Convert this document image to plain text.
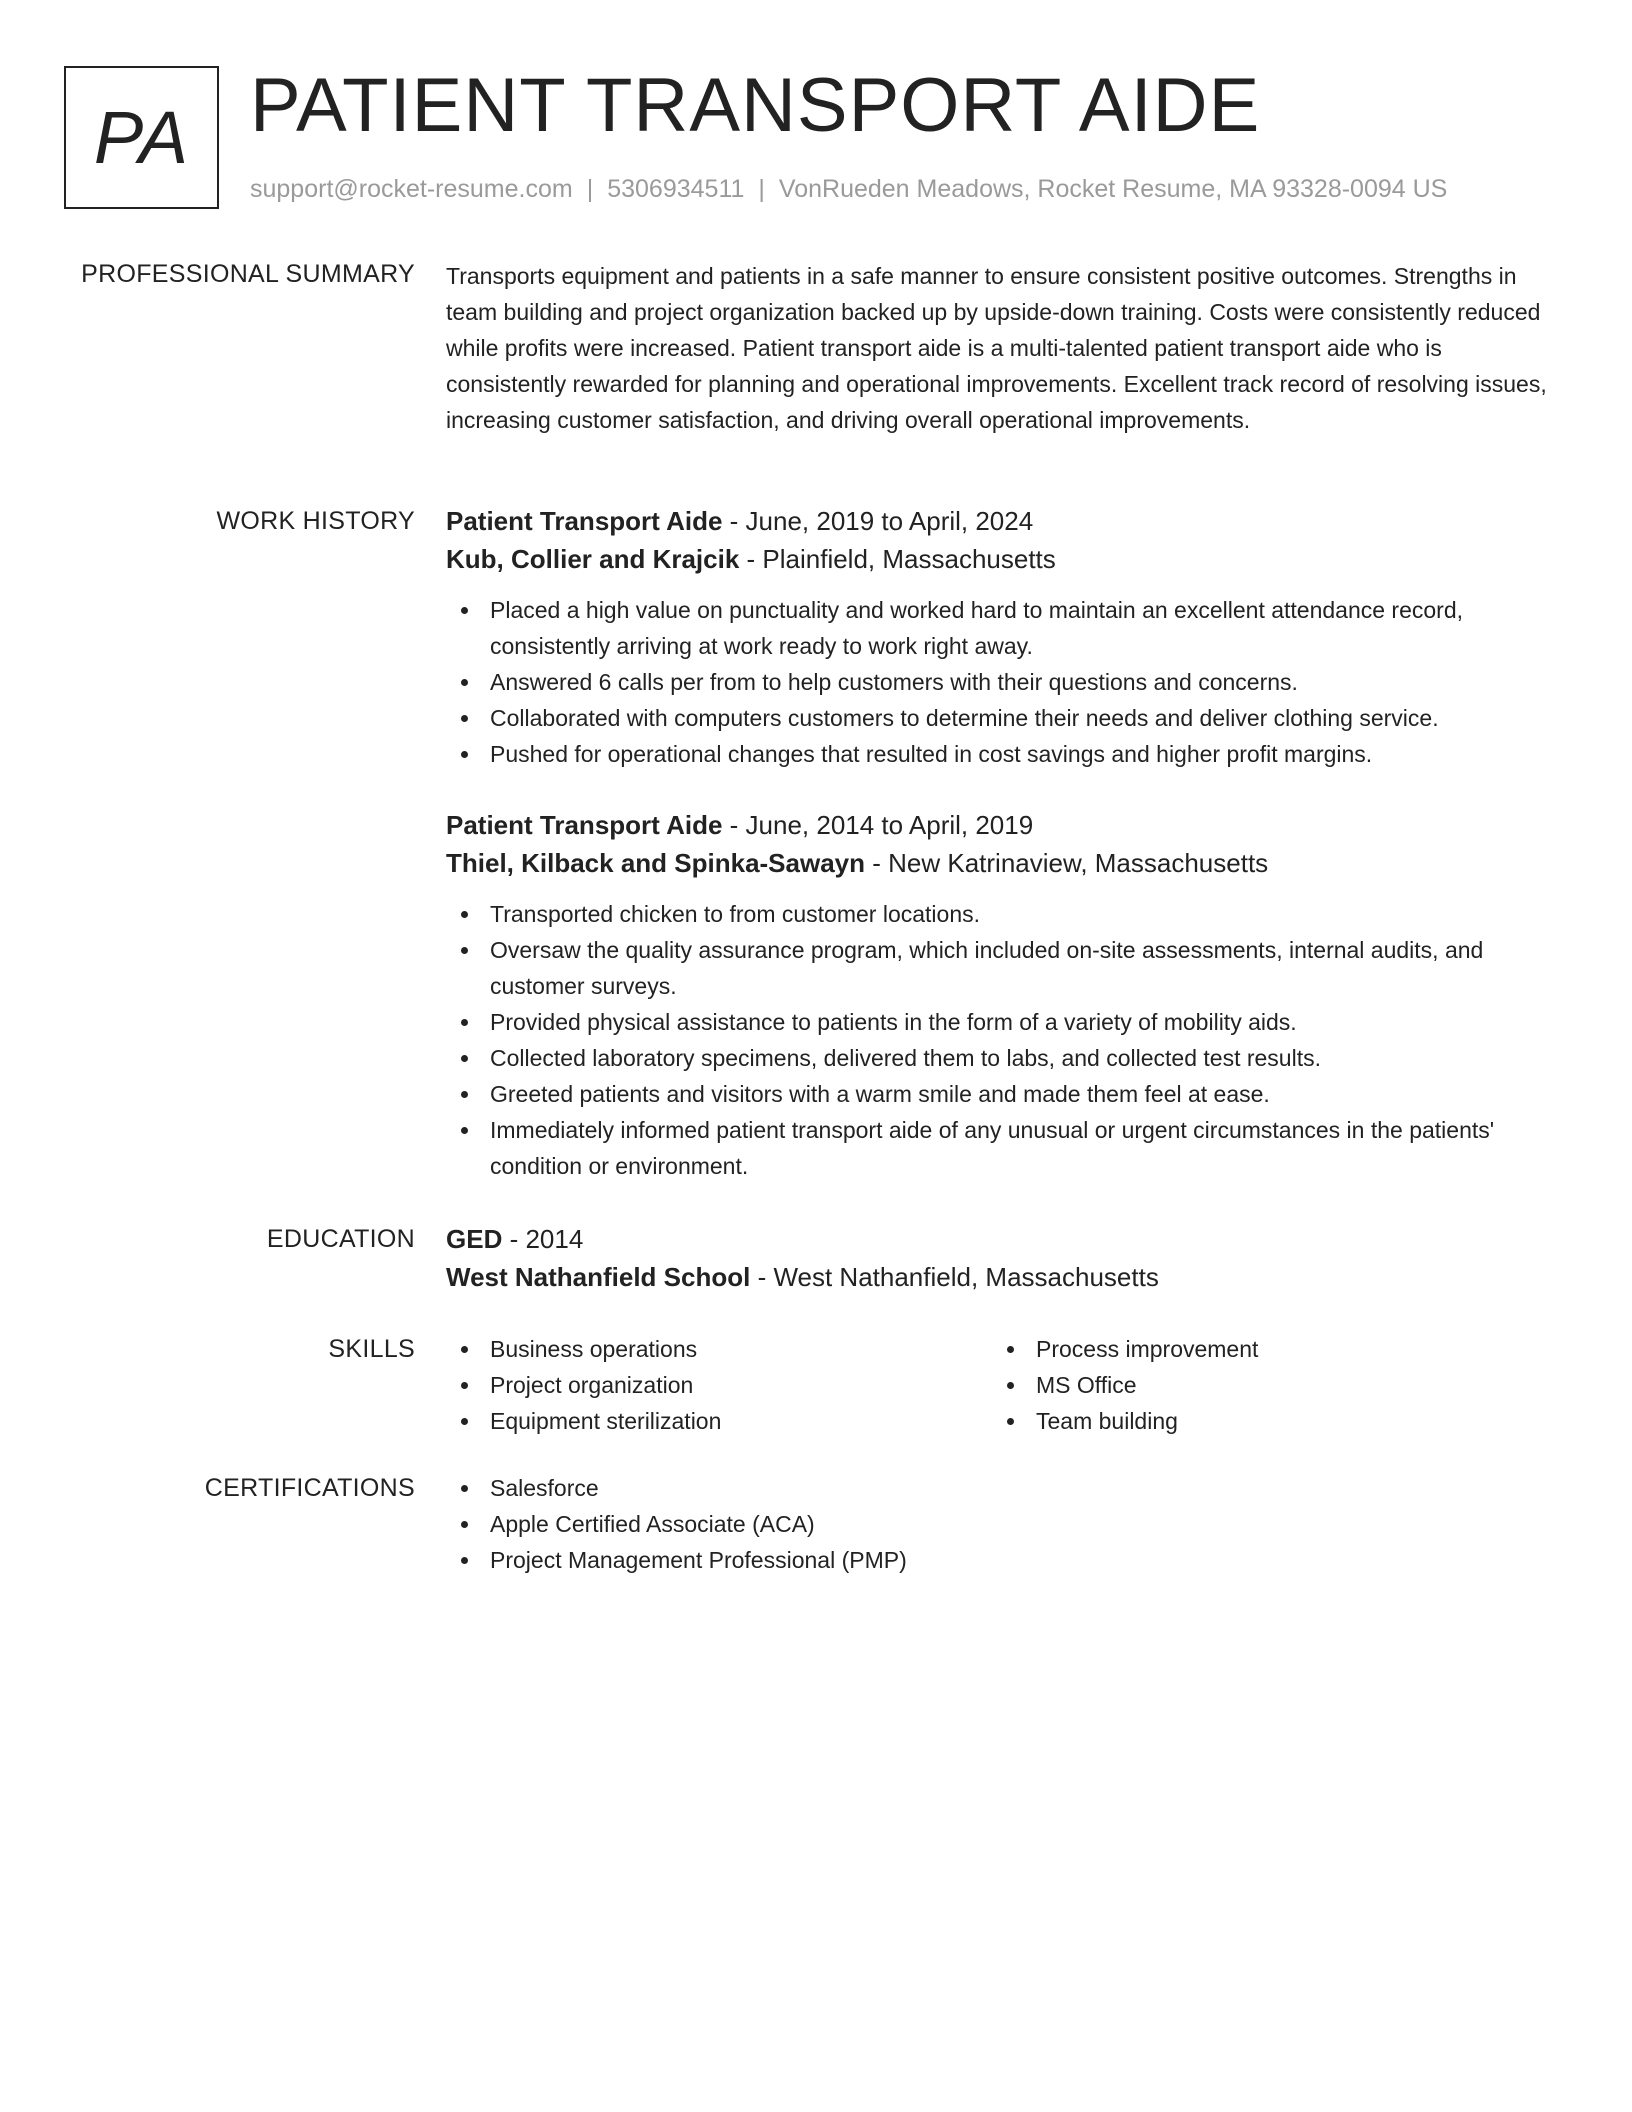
PA PATIENT TRANSPORT AIDE
support@rocket-resume.com | 5306934511 | VonRueden Meadows, Rocket Resume, MA 93328-0094 US
PROFESSIONAL SUMMARY Transports equipment and patients in a safe manner to ensure consistent positive outcomes. Strengths in team building and project organization backed up by upside-down training. Costs were consistently reduced while profits were increased. Patient transport aide is a multi-talented patient transport aide who is consistently rewarded for planning and operational improvements. Excellent track record of resolving issues, increasing customer satisfaction, and driving overall operational improvements.
WORK HISTORY Patient Transport Aide - June, 2019 to April, 2024
Kub, Collier and Krajcik - Plainfield, Massachusetts
Placed a high value on punctuality and worked hard to maintain an excellent attendance record, consistently arriving at work ready to work right away.
Answered 6 calls per from to help customers with their questions and concerns.
Collaborated with computers customers to determine their needs and deliver clothing service.
Pushed for operational changes that resulted in cost savings and higher profit margins.
Patient Transport Aide - June, 2014 to April, 2019
Thiel, Kilback and Spinka-Sawayn - New Katrinaview, Massachusetts
Transported chicken to from customer locations.
Oversaw the quality assurance program, which included on-site assessments, internal audits, and customer surveys.
Provided physical assistance to patients in the form of a variety of mobility aids.
Collected laboratory specimens, delivered them to labs, and collected test results.
Greeted patients and visitors with a warm smile and made them feel at ease.
Immediately informed patient transport aide of any unusual or urgent circumstances in the patients' condition or environment.
EDUCATION GED - 2014
West Nathanfield School - West Nathanfield, Massachusetts
SKILLS	Business operations
Project organization
Equipment sterilization
Process improvement
MS Office
Team building
CERTIFICATIONS	Salesforce
Apple Certified Associate (ACA)
Project Management Professional (PMP)
